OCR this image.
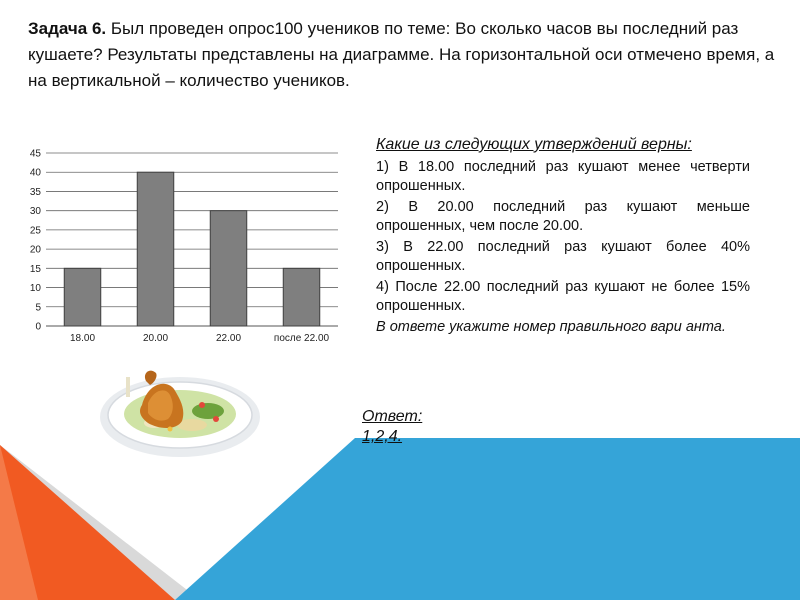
Задача 6. Был проведен опрос100 учеников по теме: Во сколько часов вы последний раз кушаете? Результаты представлены на диаграмме. На горизонтальной оси отмечено время, а на вертикальной – количество учеников.
0
5
10
15
20
25
30
35
40
45
18.00	20.00	22.00	после 22.00
Какие из следующих утверждений верны:
1) В 18.00 последний раз кушают менее четверти опрошенных.
2) В 20.00 последний раз кушают меньше опрошенных, чем после 20.00.
3) В 22.00 последний раз кушают более 40% опрошенных.
4) После 22.00 последний раз кушают не более 15% опрошенных.
В ответе укажите номер правильного вари анта.
Ответ:
1,2,4.
